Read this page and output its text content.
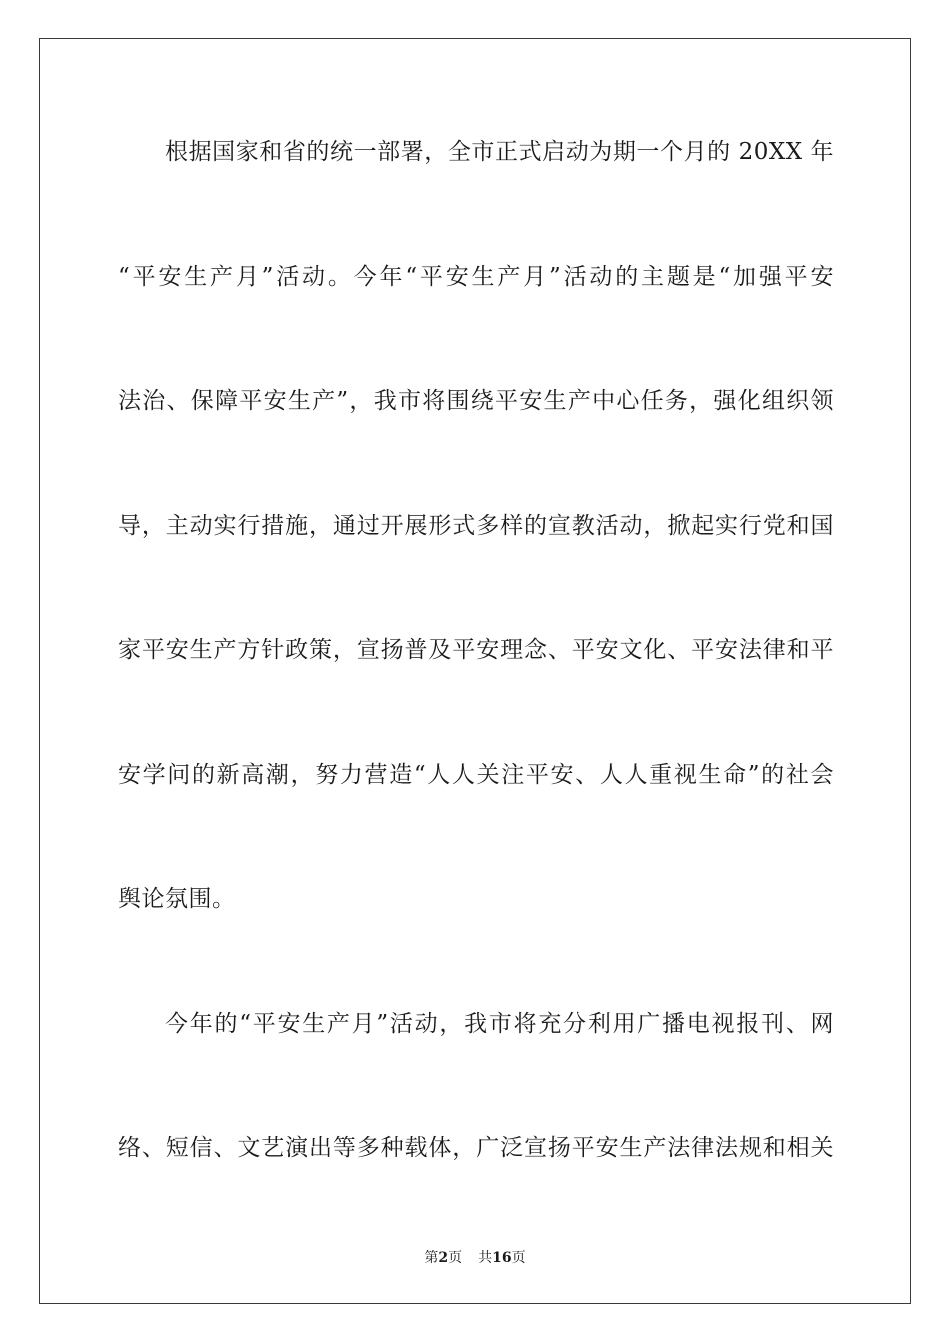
根据国家和省的统一部署，全市正式启动为期一个月的 20XX 年
“平安生产月”活动。今年“平安生产月”活动的主题是“加强平安
法治、保障平安生产”，我市将围绕平安生产中心任务，强化组织领
导，主动实行措施，通过开展形式多样的宣教活动，掀起实行党和国
家平安生产方针政策，宣扬普及平安理念、平安文化、平安法律和平
安学问的新高潮，努力营造“人人关注平安、人人重视生命”的社会
舆论氛围。
今年的“平安生产月”活动，我市将充分利用广播电视报刊、网
络、短信、文艺演出等多种载体，广泛宣扬平安生产法律法规和相关
第2页 共16页
